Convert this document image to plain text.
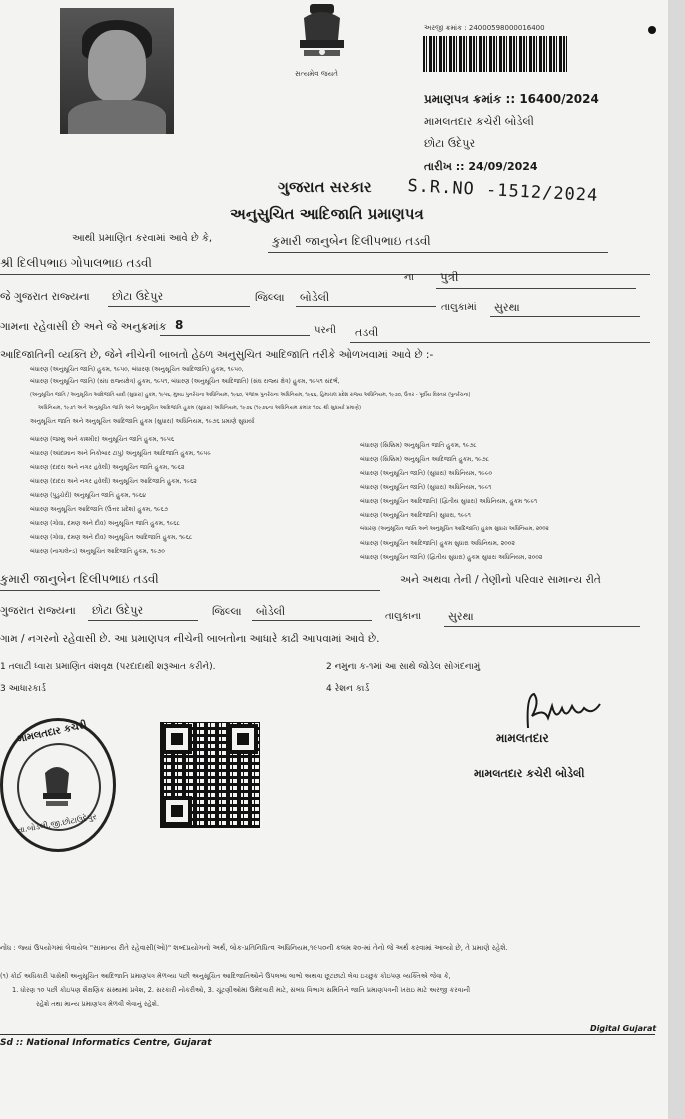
સત્યમેવ જયતે
અરજી ક્રમાંક : 24000598000016400
પ્રમાણપત્ર ક્રમાંક :: 16400/2024
મામલતદાર કચેરી બોડેલી
છોટા ઉદેપુર
તારીખ :: 24/09/2024
ગુજરાત સરકાર S.R.NO -1512/2024
અનુસુચિત આદિજાતિ પ્રમાણપત્ર
આથી પ્રમાણિત કરવામાં આવે છે કે,	કુમારી જાનુબેન દિલીપભાઇ તડવી
શ્રી દિલીપભાઇ ગોપાલભાઇ તડવી
ના પુત્રી
જે ગુજરાત રાજ્યના છોટા ઉદેપુર	જિલ્લા બોડેલી
તાલુકામાં સુરથા
ગામના રહેવાસી છે અને જે અનુક્રમાંક 8	પરની તડવી
આદિજાતિની વ્યક્તિ છે, જેને નીચેની બાબતો હેઠળ અનુસુચિત આદિજાતિ તરીકે ઓળખવામાં આવે છે :-
બંધારણ (અનુસૂચિત જાતિ) હુકમ, ૧૯૫૦, બંધારણ (અનુસૂચિત આદિજાતિ) હુકમ, ૧૯૫૦,
બંધારણ (અનુસૂચિત જાતિ) (સંઘ રાજ્યક્ષેત્ર) હુકમ, ૧૯૫૧, બંધારણ (અનુસૂચિત આદિજાતિ) (સંઘ રાજ્ય ક્ષેત્ર) હુકમ, ૧૯૫૧ સંદર્ભ,
(અનુસૂચિત જાતિ / અનુસૂચિત આદિજાતિ યાદી (સુધારા) હુકમ, ૧૯૫૬, મુંબઇ પુનર્રચના અધિનિયમ, ૧૯૬૦, પંજાબ પુનર્રચના અધિનિયમ, ૧૯૬૬, હિમાચલ પ્રદેશ રાજ્ય અધિનિયમ, ૧૯૭૦, ઉત્તર - પૂર્વીય વિસ્તાર (પુનર્રચના)
અધિનિયમ, ૧૯૭૧ અને અનુસૂચિત જાતિ અને અનુસૂચિત આદિજાતિ હુકમ (સુધારા) અધિનિયમ, ૧૯૭૬ (૧૯૭૬ના અધિનિયમ ક્રમાંક ૧૦૮ થી સુધાર્યા પ્રમાણે)
અનુસૂચિત જાતિ અને અનુસૂચિત આદિજાતિ હુકમ (સુધારા) અધિનિયમ, ૧૯૭૬ પ્રમાણે સુધાર્યા
બંધારણ (જમ્મુ અને કાશ્મીર) અનુસૂચિત જાતિ હુકમ, ૧૯૫૬
બંધારણ (આંદામાન અને નિકોબાર ટાપુ) અનુસૂચિત આદિજાતિ હુકમ, ૧૯૫૯
બંધારણ (દાદરા અને નગર હવેલી) અનુસૂચિત જાતિ હુકમ, ૧૯૬૨
બંધારણ (દાદરા અને નગર હવેલી) અનુસૂચિત આદિજાતિ હુકમ, ૧૯૬૨
બંધારણ (પુડુચેરી) અનુસૂચિત જાતિ હુકમ, ૧૯૬૪
બંધારણ અનુસૂચિત આદિજાતિ (ઉત્તર પ્રદેશ) હુકમ, ૧૯૬૭
બંધારણ (ગોવા, દમણ અને દીવ) અનુસૂચિત જાતિ હુકમ, ૧૯૬૮
બંધારણ (ગોવા, દમણ અને દીવ) અનુસૂચિત આદિજાતિ હુકમ, ૧૯૬૮
બંધારણ (નાગાલેન્ડ) અનુસૂચિત આદિજાતિ હુકમ, ૧૯૭૦
બંધારણ (સિક્કિમ) અનુસૂચિત જાતિ હુકમ, ૧૯૭૮
બંધારણ (સિક્કિમ) અનુસૂચિત આદિજાતિ હુકમ, ૧૯૭૮
બંધારણ (અનુસૂચિત જાતિ) (સુધારા) અધિનિયમ, ૧૯૯૦
બંધારણ (અનુસૂચિત જાતિ) (સુધારા) અધિનિયમ, ૧૯૯૧
બંધારણ (અનુસૂચિત આદિજાતિ) (દ્વિતીય સુધારા) અધિનિયમ, હુકમ ૧૯૯૧
બંધારણ (અનુસૂચિત આદિજાતિ) સુધારા, ૧૯૯૧
બંધારણ (અનુસૂચિત જાતિ અને અનુસૂચિત આદિજાતિ) હુકમ સુધારા અધિનિયમ, ૨૦૦૨
બંધારણ (અનુસૂચિત આદિજાતિ) હુકમ સુધારા અધિનિયમ, ૨૦૦૨
બંધારણ (અનુસૂચિત જાતિ) (દ્વિતીય સુધારા) હુકમ સુધારા અધિનિયમ, ૨૦૦૨
કુમારી જાનુબેન દિલીપભાઇ તડવી	અને અથવા તેની / તેણીનો પરિવાર સામાન્ય રીતે
ગુજરાત રાજ્યના છોટા ઉદેપુર	જિલ્લા બોડેલી	તાલુકાના સુરથા
ગામ / નગરનો રહેવાસી છે. આ પ્રમાણપત્ર નીચેની બાબતોના આધારે કાઢી આપવામાં આવે છે.
1 તલાટી ધ્વારા પ્રમાણિત વંશવૃક્ષ (પરદાદાથી શરૂઆત કરીને).	2 નમુના ક-૧માં આ સાથે જોડેલ સોગંદનામું
3 આધારકાર્ડ	4 રેશન કાર્ડ
મામલતદાર કચેરી
તા.બોડેલી,જી.છોટાઉદેપુર
મામલતદાર
મામલતદાર કચેરી બોડેલી
નોંધ : જ્યાં ઉપયોગમાં લેવાયેલ "સામાન્ય રીતે રહેવાસી(ઓ)" શબ્દપ્રયોગનો અર્થ, લોક-પ્રતિનિધિત્વ અધિનિયમ,૧૯૫૦ની કલમ ૨૦-માં તેનો જે અર્થ કરવામાં આવ્યો છે, તે પ્રમાણે રહેશે.
(૧) કોઈ અધિકારી પાસેથી અનુસૂચિત આદિજાતિ પ્રમાણપત્ર મેળવ્યા પછી અનુસૂચિત આદિજાતિઓને ઉપલબ્ધ લાભો અથવા છૂટછાટો લેવા ઇચ્છુક કોઇપણ વ્યક્તિએ જેવા કે,
1. ધોરણ ૧૦ પછી કોઇપણ શૈક્ષણિક સંસ્થામાં પ્રવેશ, 2. સરકારી નોકરીઓ, 3. ચૂંટણીઓમાં ઉમેદવારી માટે, સંબંધ વિભાગ સમિતિને જાતિ પ્રમાણપત્રની ખરાઇ માટે અરજી કરવાની
રહેશે તથા માન્ય પ્રમાણપત્ર મેળવી લેવાનું રહેશે.
Sd :: National Informatics Centre, Gujarat
Digital Gujarat
